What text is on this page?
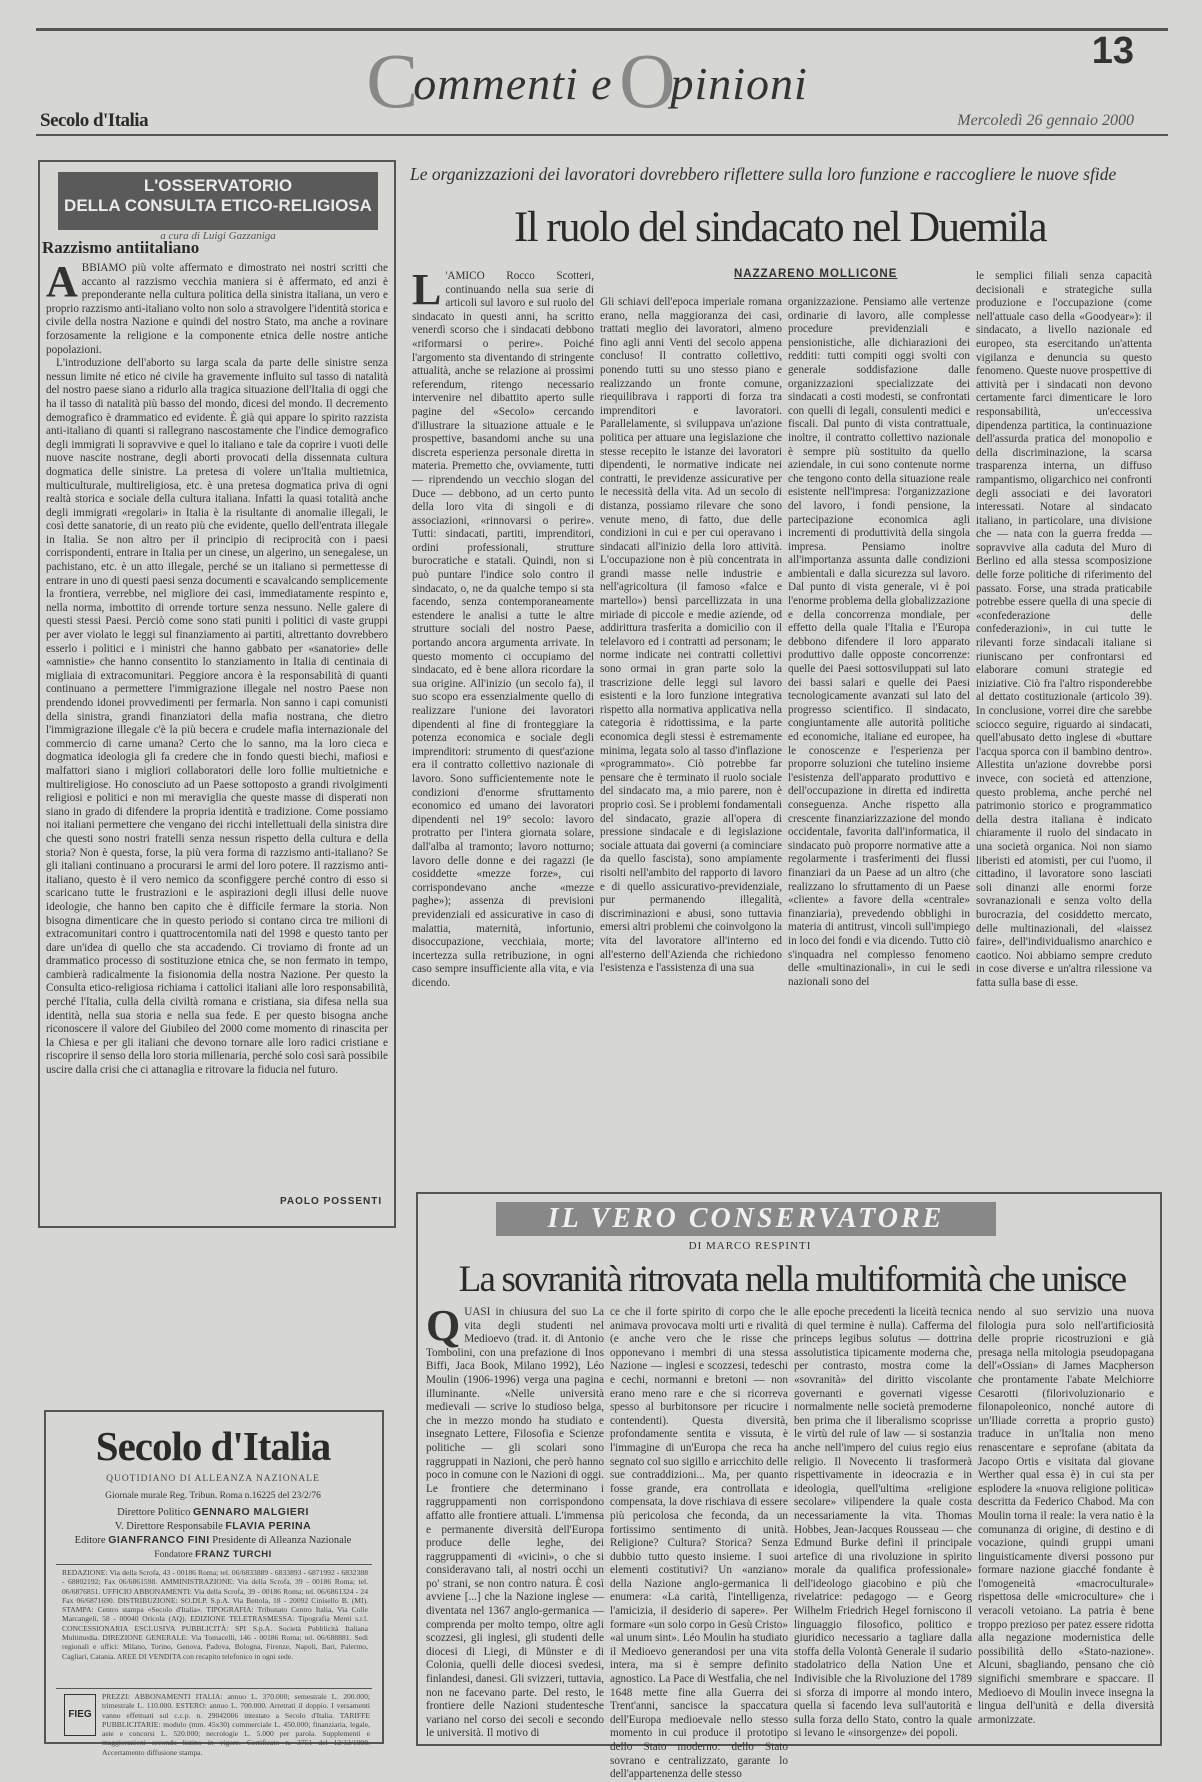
Commenti e Opinioni
13
Secolo d'Italia	Mercoledì 26 gennaio 2000
L'OSSERVATORIO
DELLA CONSULTA ETICO-RELIGIOSA
a cura di Luigi Gazzaniga
Razzismo antiitaliano
A BBIAMO più volte affermato e dimostrato nei nostri scritti che accanto al razzismo vecchia maniera si è affermato, ed anzi è preponderante nella cultura politica della sinistra italiana, un vero e proprio razzismo anti-italiano volto non solo a stravolgere l'identità storica e civile della nostra Nazione e quindi del nostro Stato, ma anche a rovinare forzosamente la religione e la componente etnica delle nostre antiche popolazioni.

L'introduzione dell'aborto su larga scala da parte delle sinistre senza nessun limite né etico né civile ha gravemente influito sul tasso di natalità del nostro paese siano a ridurlo alla tragica situazione dell'Italia di oggi che ha il tasso di natalità più basso del mondo, dicesi del mondo. Il decremento demografico è drammatico ed evidente. È già qui appare lo spirito razzista anti-italiano di quanti si rallegrano nascostamente che l'indice demografico degli immigrati li sopravvive e quel lo italiano e tale da coprire i vuoti delle nuove nascite nostrane, degli aborti provocati della dissennata cultura dogmatica delle sinistre. La pretesa di volere un'Italia multietnica, multiculturale, multireligiosa, etc. è una pretesa dogmatica priva di ogni realtà storica e sociale della cultura italiana. Infatti la quasi totalità anche degli immigrati «regolari» in Italia è la risultante di anomalie illegali, le così dette sanatorie, di un reato più che evidente, quello dell'entrata illegale in Italia. Se non altro per il principio di reciprocità con i paesi corrispondenti, entrare in Italia per un cinese, un algerino, un senegalese, un pachistano, etc. è un atto illegale, perché se un italiano si permettesse di entrare in uno di questi paesi senza documenti e scavalcando semplicemente la frontiera, verrebbe, nel migliore dei casi, immediatamente respinto e, nella norma, imbottito di orrende torture senza nessuno. Nelle galere di questi stessi Paesi. Perciò come sono stati puniti i politici di vaste gruppi per aver violato le leggi sul finanziamento ai partiti, altrettanto dovrebbero esserlo i politici e i ministri che hanno gabbato per «sanatorie» delle «amnistie» che hanno consentito lo stanziamento in Italia di centinaia di migliaia di extracomunitari. Peggiore ancora è la responsabilità di quanti continuano a permettere l'immigrazione illegale nel nostro Paese non prendendo idonei provvedimenti per fermarla. Non sanno i capi comunisti della sinistra, grandi finanziatori della mafia nostrana, che dietro l'immigrazione illegale c'è la più becera e crudele mafia internazionale del commercio di carne umana? Certo che lo sanno, ma la loro cieca e dogmatica ideologia gli fa credere che in fondo questi biechi, mafiosi e malfattori siano i migliori collaboratori delle loro follie multietniche e multireligiose. Ho conosciuto ad un Paese sottoposto a grandi rivolgimenti religiosi e politici e non mi meraviglia che queste masse di disperati non siano in grado di difendere la propria identità e tradizione. Come possiamo noi italiani permettere che vengano dei ricchi intellettuali della sinistra dire che questi sono nostri fratelli senza nessun rispetto della cultura e della storia? Non è questa, forse, la più vera forma di razzismo anti-italiano? Se gli italiani continuano a procurarsi le armi del loro potere. Il razzismo anti-italiano, questo è il vero nemico da sconfiggere perché contro di esso si scaricano tutte le frustrazioni e le aspirazioni degli illusi delle nuove ideologie, che hanno ben capito che è difficile fermare la storia. Non bisogna dimenticare che in questo periodo si contano circa tre milioni di extracomunitari contro i quattrocentomila nati del 1998 e questo tanto per dare un'idea di quello che sta accadendo. Ci troviamo di fronte ad un drammatico processo di sostituzione etnica che, se non fermato in tempo, cambierà radicalmente la fisionomia della nostra Nazione. Per questo la Consulta etico-religiosa richiama i cattolici italiani alle loro responsabilità, perché l'Italia, culla della civiltà romana e cristiana, sia difesa nella sua identità, nella sua storia e nella sua fede. E per questo bisogna anche riconoscere il valore del Giubileo del 2000 come momento di rinascita per la Chiesa e per gli italiani che devono tornare alle loro radici cristiane e riscoprire il senso della loro storia millenaria, perché solo così sarà possibile uscire dalla crisi che ci attanaglia e ritrovare la fiducia nel futuro.

PAOLO POSSENTI
Le organizzazioni dei lavoratori dovrebbero riflettere sulla loro funzione e raccogliere le nuove sfide
Il ruolo del sindacato nel Duemila
NAZZARENO MOLLICONE
L 'AMICO Rocco Scotteri, continuando nella sua serie di articoli sul lavoro e sul ruolo del sindacato in questi anni, ha scritto venerdì scorso che i sindacati debbono «riformarsi o perire». Poiché l'argomento sta diventando di stringente attualità, anche se relazione ai prossimi referendum, ritengo necessario intervenire nel dibattito aperto sulle pagine del «Secolo» cercando d'illustrare la situazione attuale e le prospettive, basandomi anche su una discreta esperienza personale diretta in materia. Premetto che, ovviamente, tutti — riprendendo un vecchio slogan del Duce — debbono, ad un certo punto della loro vita di singoli e di associazioni, «rinnovarsi o perire». Tutti: sindacati, partiti, imprenditori, ordini professionali, strutture burocratiche e statali. Quindi, non si può puntare l'indice solo contro il sindacato, o, ne da qualche tempo si sta facendo, senza contemporaneamente estendere le analisi a tutte le altre strutture sociali del nostro Paese, portando ancora argumenta arrivate. In questo momento ci occupiamo del sindacato, ed è bene allora ricordare la sua origine. All'inizio (un secolo fa), il suo scopo era essenzialmente quello di realizzare l'unione dei lavoratori dipendenti al fine di fronteggiare la potenza economica e sociale degli imprenditori: strumento di quest'azione era il contratto collettivo nazionale di lavoro. Sono sufficientemente note le condizioni d'enorme sfruttamento economico ed umano dei lavoratori dipendenti nel 19° secolo: lavoro protratto per l'intera giornata solare, dall'alba al tramonto; lavoro notturno; lavoro delle donne e dei ragazzi (le cosiddette «mezze forze», cui corrispondevano anche «mezze paghe»); assenza di previsioni previdenziali ed assicurative in caso di malattia, maternità, infortunio, disoccupazione, vecchiaia, morte; incertezza sulla retribuzione, in ogni caso sempre insufficiente alla vita, e via dicendo.

Gli schiavi dell'epoca imperiale romana erano, nella maggioranza dei casi, trattati meglio dei lavoratori, almeno fino agli anni Venti del secolo appena concluso! Il contratto collettivo, ponendo tutti su uno stesso piano e realizzando un fronte comune, riequilibrava i rapporti di forza tra imprenditori e lavoratori. Parallelamente, si sviluppava un'azione politica per attuare una legislazione che stesse recepito le istanze dei lavoratori dipendenti, le normative indicate nei contratti, le previdenze assicurative per le necessità della vita. Ad un secolo di distanza, possiamo rilevare che sono venute meno, di fatto, due delle condizioni in cui e per cui operavano i sindacati all'inizio della loro attività. L'occupazione non è più concentrata in grandi masse nelle industrie e nell'agricoltura (il famoso «falce e martello») bensì parcellizzata in una miriade di piccole e medie aziende, od addirittura trasferita a domicilio con il telelavoro ed i contratti ad personam; le norme indicate nei contratti collettivi sono ormai in gran parte solo la trascrizione delle leggi sul lavoro esistenti e la loro funzione integrativa rispetto alla normativa applicativa nella categoria è ridottissima, e la parte economica degli stessi è estremamente minima, legata solo al tasso d'inflazione «programmato». Ciò potrebbe far pensare che è terminato il ruolo sociale del sindacato ma, a mio parere, non è proprio così. Se i problemi fondamentali del sindacato, grazie all'opera di pressione sindacale e di legislazione sociale attuata dai governi (a cominciare da quello fascista), sono ampiamente risolti nell'ambito del rapporto di lavoro e di quello assicurativo-previdenziale, pur permanendo illegalità, discriminazioni e abusi, sono tuttavia emersi altri problemi che coinvolgono la vita del lavoratore all'interno ed all'esterno dell'Azienda che richiedono l'esistenza e l'assistenza di una sua

organizzazione. Pensiamo alle vertenze ordinarie di lavoro, alle complesse procedure previdenziali e pensionistiche, alle dichiarazioni dei redditi: tutti compiti oggi svolti con generale soddisfazione dalle organizzazioni specializzate dei sindacati a costi modesti, se confrontati con quelli di legali, consulenti medici e fiscali. Dal punto di vista contrattuale, inoltre, il contratto collettivo nazionale è sempre più sostituito da quello aziendale, in cui sono contenute norme che tengono conto della situazione reale esistente nell'impresa: l'organizzazione del lavoro, i fondi pensione, la partecipazione economica agli incrementi di produttività della singola impresa. Pensiamo inoltre all'importanza assunta dalle condizioni ambientali e dalla sicurezza sul lavoro. Dal punto di vista generale, vi è poi l'enorme problema della globalizzazione e della concorrenza mondiale, per effetto della quale l'Italia e l'Europa debbono difendere il loro apparato produttivo dalle opposte concorrenze: quelle dei Paesi sottosviluppati sul lato dei bassi salari e quelle dei Paesi tecnologicamente avanzati sul lato del progresso scientifico. Il sindacato, congiuntamente alle autorità politiche ed economiche, italiane ed europee, ha le conoscenze e l'esperienza per proporre soluzioni che tutelino insieme l'esistenza dell'apparato produttivo e dell'occupazione in diretta ed indiretta conseguenza. Anche rispetto alla crescente finanziarizzazione del mondo occidentale, favorita dall'informatica, il sindacato può proporre normative atte a regolarmente i trasferimenti dei flussi finanziari da un Paese ad un altro (che realizzano lo sfruttamento di un Paese «cliente» a favore della «centrale» finanziaria), prevedendo obblighi in materia di antitrust, vincoli sull'impiego in loco dei fondi e via dicendo. Tutto ciò s'inquadra nel complesso fenomeno delle «multinazionali», in cui le sedi nazionali sono del

le semplici filiali senza capacità decisionali e strategiche sulla produzione e l'occupazione (come nell'attuale caso della «Goodyear»): il sindacato, a livello nazionale ed europeo, sta esercitando un'attenta vigilanza e denuncia su questo fenomeno. Queste nuove prospettive di attività per i sindacati non devono certamente farci dimenticare le loro responsabilità, un'eccessiva dipendenza partitica, la continuazione dell'assurda pratica del monopolio e della discriminazione, la scarsa trasparenza interna, un diffuso rampantismo, oligarchico nei confronti degli associati e dei lavoratori interessati. Notare al sindacato italiano, in particolare, una divisione che — nata con la guerra fredda — sopravvive alla caduta del Muro di Berlino ed alla stessa scomposizione delle forze politiche di riferimento del passato. Forse, una strada praticabile potrebbe essere quella di una specie di «confederazione delle confederazioni», in cui tutte le rilevanti forze sindacali italiane si riuniscano per confrontarsi ed elaborare comuni strategie ed iniziative. Ciò fra l'altro risponderebbe al dettato costituzionale (articolo 39). In conclusione, vorrei dire che sarebbe sciocco seguire, riguardo ai sindacati, quell'abusato detto inglese di «buttare l'acqua sporca con il bambino dentro». Allestita un'azione dovrebbe porsi invece, con società ed attenzione, questo problema, anche perché nel patrimonio storico e programmatico della destra italiana è indicato chiaramente il ruolo del sindacato in una società organica. Noi non siamo liberisti ed atomisti, per cui l'uomo, il cittadino, il lavoratore sono lasciati soli dinanzi alle enormi forze sovranazionali e senza volto della burocrazia, del cosiddetto mercato, delle multinazionali, del «laissez faire», dell'individualismo anarchico e caotico. Noi abbiamo sempre creduto in cose diverse e un'altra rilessione va fatta sulla base di esse.

IL VERO CONSERVATORE
DI MARCO RESPINTI
La sovranità ritrovata nella multiformità che unisce
Q UASI in chiusura del suo La vita degli studenti nel Medioevo (trad. it. di Antonio Tombolini, con una prefazione di Inos Biffi, Jaca Book, Milano 1992), Léo Moulin (1906-1996) verga una pagina illuminante. «Nelle università medievali — scrive lo studioso belga, che in mezzo mondo ha studiato e insegnato Lettere, Filosofia e Scienze politiche — gli scolari sono raggruppati in Nazioni, che però hanno poco in comune con le Nazioni di oggi. Le frontiere che determinano i raggruppamenti non corrispondono affatto alle frontiere attuali. L'immensa e permanente diversità dell'Europa produce delle leghe, dei raggruppamenti di «vicini», o che si consideravano tali, al nostri occhi un po' strani, se non contro natura. È così avviene [...] che la Nazione inglese — diventata nel 1367 anglo-germanica — comprenda per molto tempo, oltre agli scozzesi, gli inglesi, gli studenti delle diocesi di Liegi, di Münster e di Colonia, quelli delle diocesi svedesi, finlandesi, danesi. Gli svizzeri, tuttavia, non ne facevano parte. Del resto, le frontiere delle Nazioni studentesche variano nel corso dei secoli e secondo le università. Il motivo di

ce che il forte spirito di corpo che le animava provocava molti urti e rivalità (e anche vero che le risse che opponevano i membri di una stessa Nazione — inglesi e scozzesi, tedeschi e cechi, normanni e bretoni — non erano meno rare e che si ricorreva spesso al burbitonsore per ricucire i contendenti). Questa diversità, profondamente sentita e vissuta, è l'immagine di un'Europa che reca ha segnato col suo sigillo e arricchito delle sue contraddizioni... Ma, per quanto fosse grande, era controllata e compensata, la dove rischiava di essere più pericolosa che feconda, da un fortissimo sentimento di unità. Religione? Cultura? Storica? Senza dubbio tutto questo insieme. I suoi elementi costitutivi? Un «anziano» della Nazione anglo-germanica li enumera: «La carità, l'intelligenza, l'amicizia, il desiderio di sapere». Per formare «un solo corpo in Gesù Cristo» «al unum sint». Léo Moulin ha studiato il Medioevo generandosi per una vita intera, ma si è sempre definito agnostico. La Pace di Westfalia, che nel 1648 mette fine alla Guerra dei Trent'anni, sancisce la spaccatura dell'Europa medioevale nello stesso momento in cui produce il prototipo dello Stato moderno: dello Stato sovrano e centralizzato, garante lo dell'appartenenza delle stesso

alle epoche precedenti la liceità tecnica di quel termine è nulla). Cafferma del princeps legibus solutus — dottrina assolutistica tipicamente moderna che, per contrasto, mostra come la «sovranità» del diritto viscolante governanti e governati vigesse normalmente nelle società premoderne ben prima che il liberalismo scoprisse le virtù del rule of law — si sostanzia anche nell'impero del cuius regio eius religio. Il Novecento li trasformerà rispettivamente in ideocrazia e in ideologia, quell'ultima «religione secolare» vilipendere la quale costa necessariamente la vita. Thomas Hobbes, Jean-Jacques Rousseau — che Edmund Burke definì il principale artefice di una rivoluzione in spirito morale da qualifica professionale» dell'ideologo giacobino e più che rivelatrice: pedagogo — e Georg Wilhelm Friedrich Hegel forniscono il linguaggio filosofico, politico e giuridico necessario a tagliare dalla stoffa della Volontà Generale il sudario stadolatrico della Nation Une et Indivisible che la Rivoluzione del 1789 si sforza di imporre al mondo intero, quella sì facendo leva sull'autorità e sulla forza dello Stato, contro la quale si levano le «insorgenze» dei popoli.

nendo al suo servizio una nuova filologia pura solo nell'artificiosità delle proprie ricostruzioni e già presaga nella mitologia pseudopagana dell'«Ossian» di James Macpherson che prontamente l'abate Melchiorre Cesarotti (filorivoluzionario e filonapoleonico, nonché autore di un'Iliade corretta a proprio gusto) traduce in un'Italia non meno renascentare e seprofane (abitata da Jacopo Ortis e visitata dal giovane Werther qual essa è) in cui sta per esplodere la «nuova religione politica» descritta da Federico Chabod. Ma con Moulin torna il reale: la vera natio è la comunanza di origine, di destino e di vocazione, quindi gruppi umani linguisticamente diversi possono pur formare nazione giacché fondante è l'omogeneità «macroculturale» rispettosa delle «microculture» che i veracoli vetoiano. La patria è bene troppo prezioso per patez essere ridotta alla negazione modernistica delle possibilità dello «Stato-nazione». Alcuni, sbagliando, pensano che ciò significhi smembrare e spaccare. Il Medioevo di Moulin invece insegna la lingua dell'unità e della diversità armonizzate.

Secolo d'Italia
QUOTIDIANO DI ALLEANZA NAZIONALE
Giornale murale Reg. Tribun. Roma n.16225 del 23/2/76
Direttore Politico GENNARO MALGIERI
V. Direttore Responsabile FLAVIA PERINA
Editore GIANFRANCO FINI Presidente di Alleanza Nazionale
Fondatore FRANZ TURCHI
REDAZIONE: Via della Scrofa, 43 - 00186 Roma; tel. 06/6833889 - 6833893 - 6871992 - 6832388 - 68802192; Fax 06/6861598. AMMINISTRAZIONE: Via della Scrofa, 39 - 00186 Roma; tel. 06/6876851. UFFICIO ABBONAMENTI: Via della Scrofa, 39 - 00186 Roma; tel. 06/6861324 - 24 Fax 06/6871690. DISTRIBUZIONE: SO.DI.P. S.p.A. Via Bettola, 18 - 20092 Cinisello B. (MI). STAMPA: Centro stampa «Secolo d'Italia». TIPOGRAFIA: Tribunato Centro Italia, Via Colle Marcangeli, 58 - 00040 Oricola (AQ). EDIZIONE TELETRASMESSA: Tipografia Menti s.r.l. CONCESSIONARIA ESCLUSIVA PUBBLICITÀ: SPI S.p.A. Società Pubblicità Italiana Multimedia. DIREZIONE GENERALE: Via Tomacelli, 146 - 00186 Roma; tel. 06/688881. Sedi regionali e uffici: Milano, Torino, Genova, Padova, Bologna, Firenze, Napoli, Bari, Palermo, Cagliari, Catania. AREE DI VENDITA con recapito telefonico in ogni sede.
FIEG
PREZZI: ABBONAMENTI ITALIA: annuo L. 370.000; semestrale L. 200.000; trimestrale L. 110.000. ESTERO: annuo L. 700.000. Arretrati il doppio. I versamenti vanno effettuati sul c.c.p. n. 29042006 intestato a Secolo d'Italia. TARIFFE PUBBLICITARIE: modulo (mm. 45x30) commerciale L. 450.000; finanziaria, legale, aste e concorsi L. 520.000; necrologie L. 5.000 per parola. Supplementi e maggiorazioni secondo listino in vigore. Certificato n. 3751 del 12/12/1998. Accertamento diffusione stampa.
